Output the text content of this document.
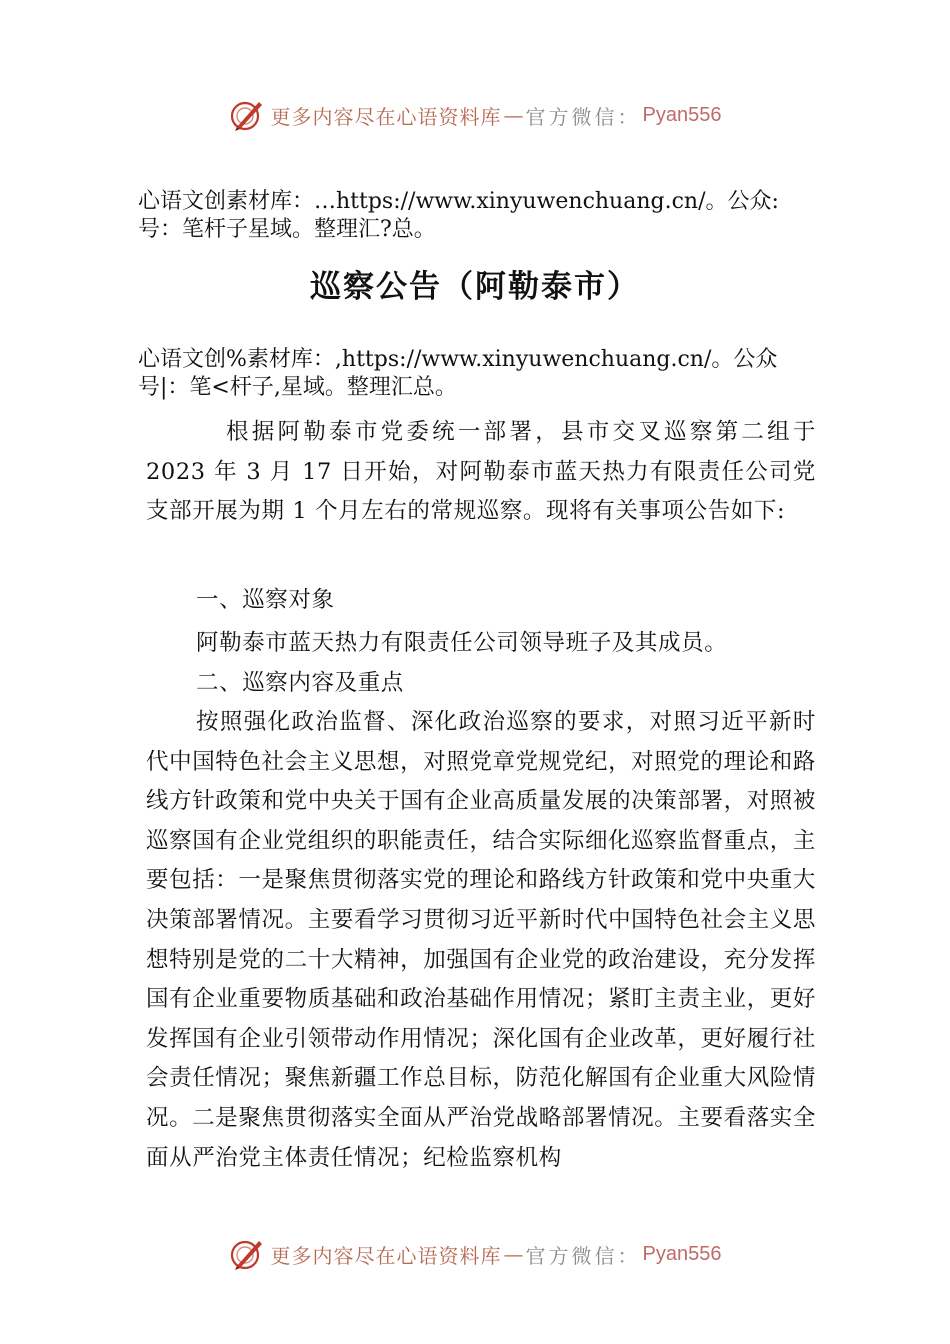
更多内容尽在心语资料库 — 官方微信： Pyan556
心语文创素材库：…https://www.xinyuwenchuang.cn/。公众:
号：笔杆子星域。整理汇?总。
巡察公告（阿勒泰市）
心语文创%素材库：,https://www.xinyuwenchuang.cn/。公众
号|：笔<杆子,星域。整理汇总。
根据阿勒泰市党委统一部署，县市交叉巡察第二组于2023 年 3 月 17 日开始，对阿勒泰市蓝天热力有限责任公司党支部开展为期 1 个月左右的常规巡察。现将有关事项公告如下:
一、巡察对象
阿勒泰市蓝天热力有限责任公司领导班子及其成员。
二、巡察内容及重点
按照强化政治监督、深化政治巡察的要求，对照习近平新时代中国特色社会主义思想，对照党章党规党纪，对照党的理论和路线方针政策和党中央关于国有企业高质量发展的决策部署，对照被巡察国有企业党组织的职能责任，结合实际细化巡察监督重点，主要包括：一是聚焦贯彻落实党的理论和路线方针政策和党中央重大决策部署情况。主要看学习贯彻习近平新时代中国特色社会主义思想特别是党的二十大精神，加强国有企业党的政治建设，充分发挥国有企业重要物质基础和政治基础作用情况；紧盯主责主业，更好发挥国有企业引领带动作用情况；深化国有企业改革，更好履行社会责任情况；聚焦新疆工作总目标，防范化解国有企业重大风险情况。二是聚焦贯彻落实全面从严治党战略部署情况。主要看落实全面从严治党主体责任情况；纪检监察机构
更多内容尽在心语资料库 — 官方微信： Pyan556
